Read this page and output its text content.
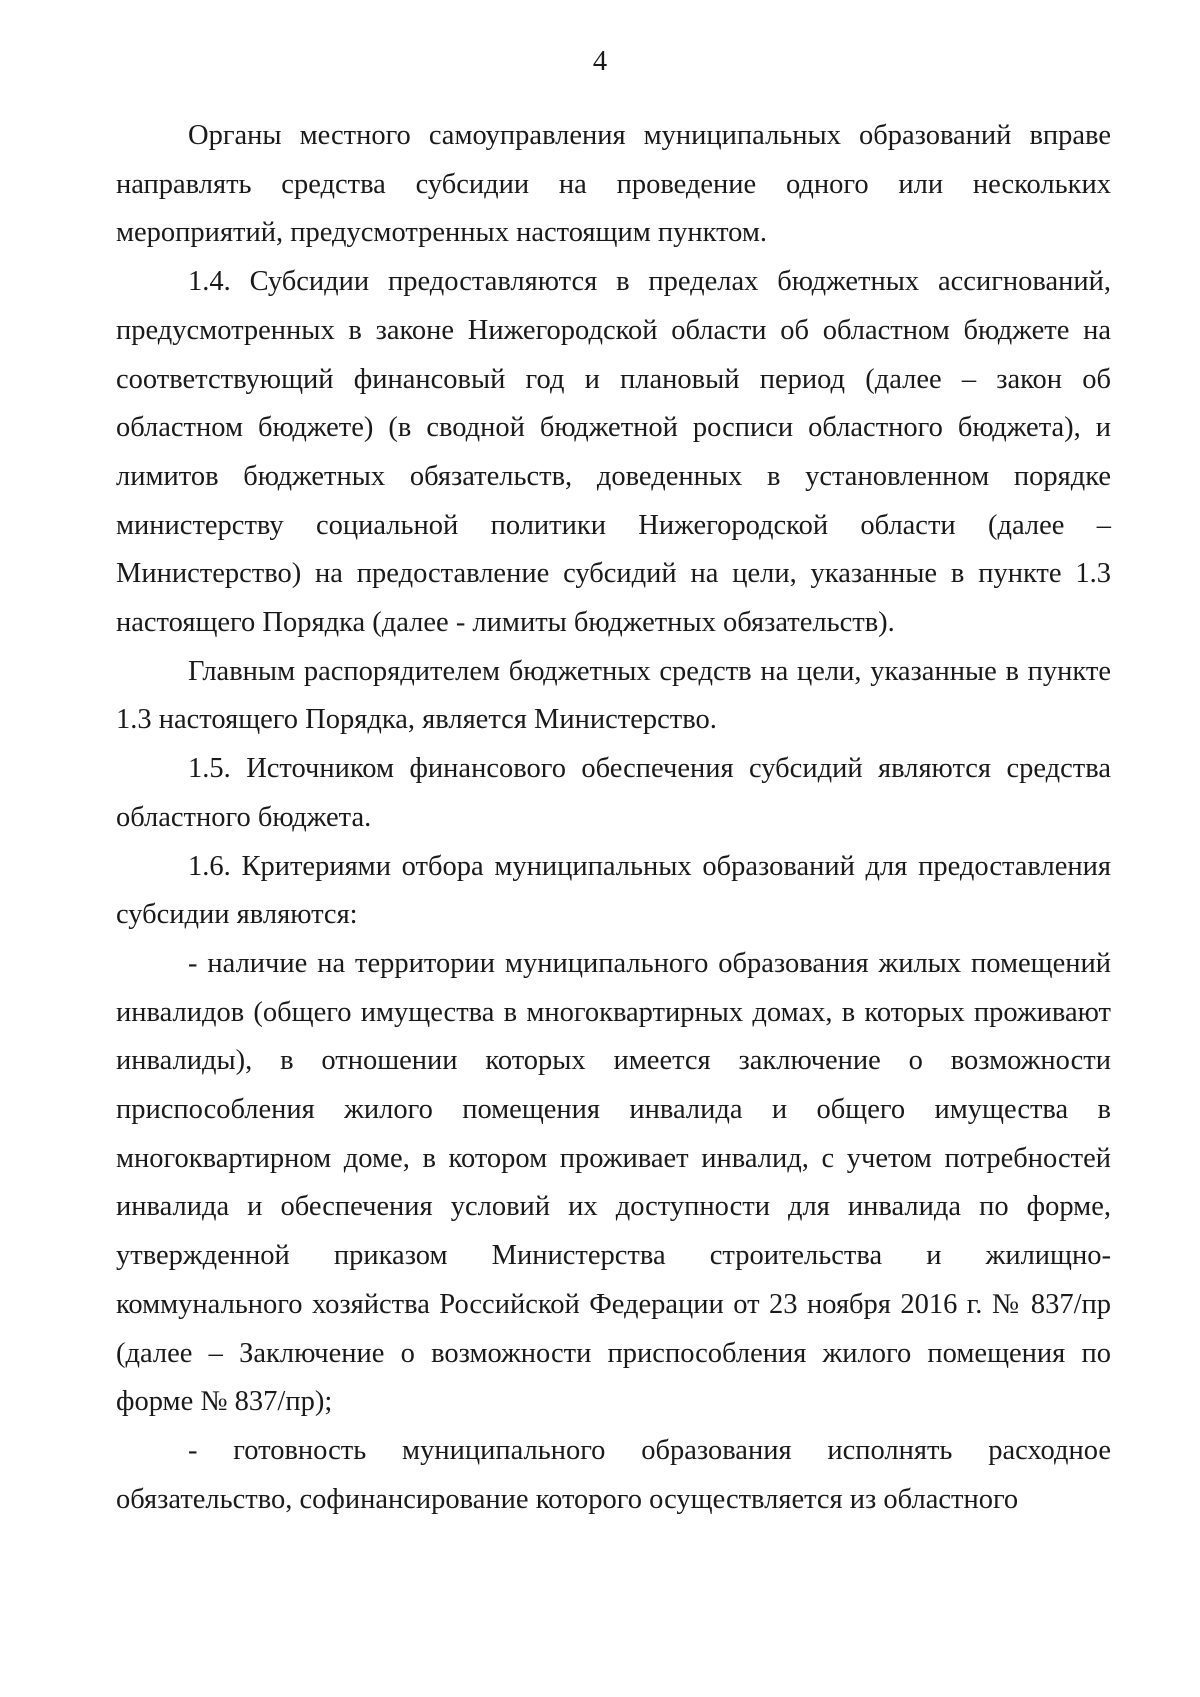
4

Органы местного самоуправления муниципальных образований вправе направлять средства субсидии на проведение одного или нескольких мероприятий, предусмотренных настоящим пунктом.

1.4. Субсидии предоставляются в пределах бюджетных ассигнований, предусмотренных в законе Нижегородской области об областном бюджете на соответствующий финансовый год и плановый период (далее – закон об областном бюджете) (в сводной бюджетной росписи областного бюджета), и лимитов бюджетных обязательств, доведенных в установленном порядке министерству социальной политики Нижегородской области (далее – Министерство) на предоставление субсидий на цели, указанные в пункте 1.3 настоящего Порядка (далее - лимиты бюджетных обязательств).

Главным распорядителем бюджетных средств на цели, указанные в пункте 1.3 настоящего Порядка, является Министерство.

1.5. Источником финансового обеспечения субсидий являются средства областного бюджета.

1.6. Критериями отбора муниципальных образований для предоставления субсидии являются:

- наличие на территории муниципального образования жилых помещений инвалидов (общего имущества в многоквартирных домах, в которых проживают инвалиды), в отношении которых имеется заключение о возможности приспособления жилого помещения инвалида и общего имущества в многоквартирном доме, в котором проживает инвалид, с учетом потребностей инвалида и обеспечения условий их доступности для инвалида по форме, утвержденной приказом Министерства строительства и жилищно-коммунального хозяйства Российской Федерации от 23 ноября 2016 г. № 837/пр (далее – Заключение о возможности приспособления жилого помещения по форме № 837/пр);

- готовность муниципального образования исполнять расходное обязательство, софинансирование которого осуществляется из областного
